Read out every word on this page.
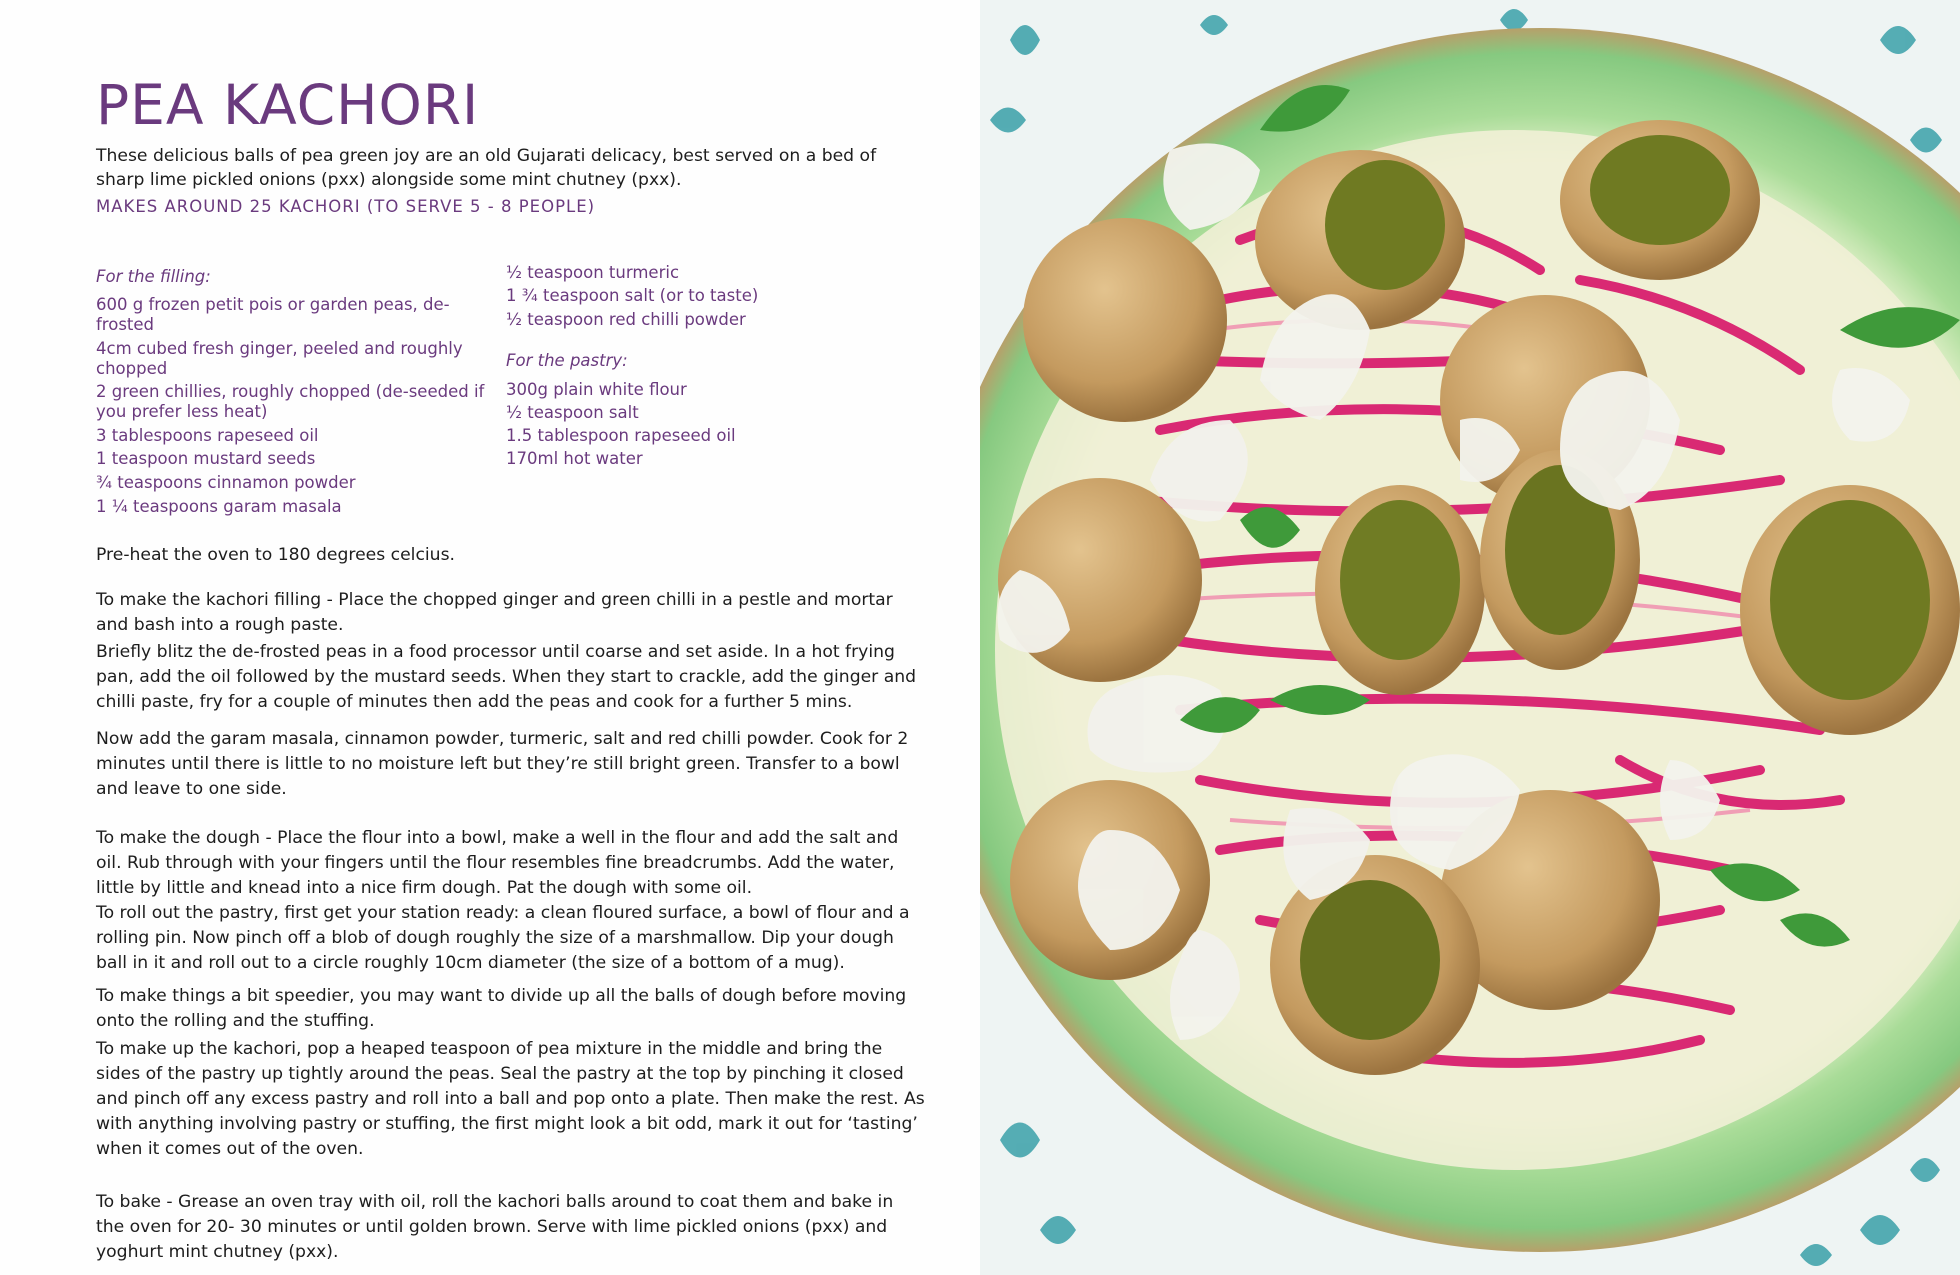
PEA KACHORI

These delicious balls of pea green joy are an old Gujarati delicacy, best served on a bed of sharp lime pickled onions (pxx) alongside some mint chutney (pxx).

MAKES AROUND 25 KACHORI (TO SERVE 5 - 8 PEOPLE)

For the filling:

600 g frozen petit pois or garden peas, de-frosted
4cm cubed fresh ginger, peeled and roughly chopped
2 green chillies, roughly chopped (de-seeded if you prefer less heat)
3 tablespoons rapeseed oil
1 teaspoon mustard seeds
¾ teaspoons cinnamon powder
1 ¼ teaspoons garam masala
½ teaspoon turmeric
1 ¾ teaspoon salt (or to taste)
½ teaspoon red chilli powder

For the pastry:

300g plain white flour
½ teaspoon salt
1.5 tablespoon rapeseed oil
170ml hot water

Pre-heat the oven to 180 degrees celcius.

To make the kachori filling - Place the chopped ginger and green chilli in a pestle and mortar and bash into a rough paste.

Briefly blitz the de-frosted peas in a food processor until coarse and set aside. In a hot frying pan, add the oil followed by the mustard seeds. When they start to crackle, add the ginger and chilli paste, fry for a couple of minutes then add the peas and cook for a further 5 mins.

Now add the garam masala, cinnamon powder, turmeric, salt and red chilli powder. Cook for 2 minutes until there is little to no moisture left but they’re still bright green. Transfer to a bowl and leave to one side.

To make the dough - Place the flour into a bowl, make a well in the flour and add the salt and oil. Rub through with your fingers until the flour resembles fine breadcrumbs. Add the water, little by little and knead into a nice firm dough. Pat the dough with some oil.

To roll out the pastry, first get your station ready: a clean floured surface, a bowl of flour and a rolling pin. Now pinch off a blob of dough roughly the size of a marshmallow. Dip your dough ball in it and roll out to a circle roughly 10cm diameter (the size of a bottom of a mug).

To make things a bit speedier, you may want to divide up all the balls of dough before moving onto the rolling and the stuffing.

To make up the kachori, pop a heaped teaspoon of pea mixture in the middle and bring the sides of the pastry up tightly around the peas. Seal the pastry at the top by pinching it closed and pinch off any excess pastry and roll into a ball and pop onto a plate. Then make the rest. As with anything involving pastry or stuffing, the first might look a bit odd, mark it out for ‘tasting’ when it comes out of the oven.

To bake - Grease an oven tray with oil, roll the kachori balls around to coat them and bake in the oven for 20- 30 minutes or until golden brown. Serve with lime pickled onions (pxx) and yoghurt mint chutney (pxx).
